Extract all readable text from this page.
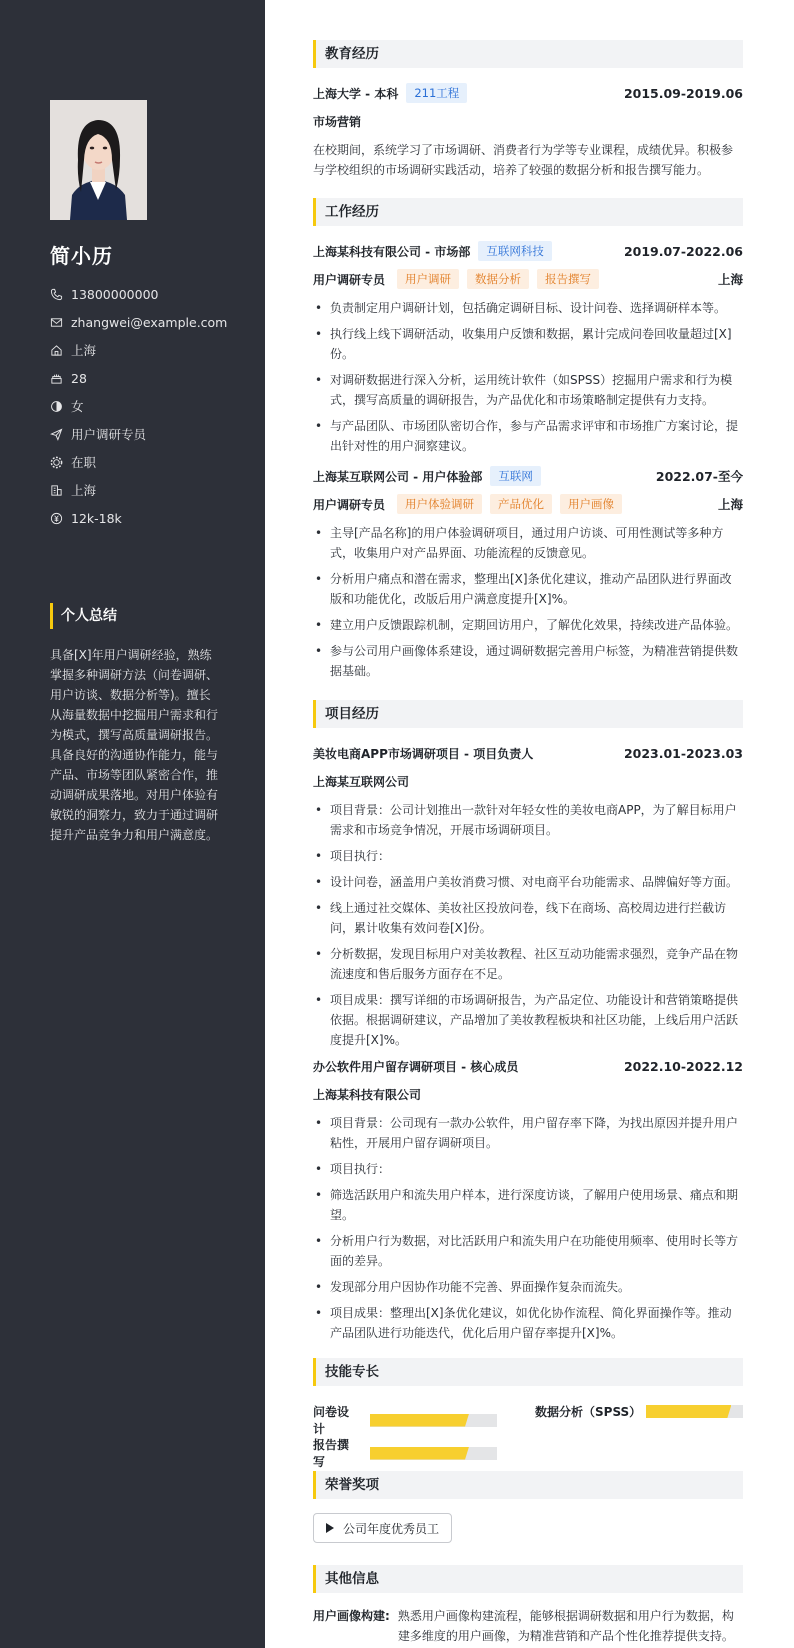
简小历
13800000000
zhangwei@example.com
上海
28
女
用户调研专员
在职
上海
12k-18k
个人总结
具备[X]年用户调研经验，熟练掌握多种调研方法（问卷调研、用户访谈、数据分析等)。擅长从海量数据中挖掘用户需求和行为模式，撰写高质量调研报告。具备良好的沟通协作能力，能与产品、市场等团队紧密合作，推动调研成果落地。对用户体验有敏锐的洞察力，致力于通过调研提升产品竞争力和用户满意度。
教育经历
上海大学 - 本科	211工程	2015.09-2019.06
市场营销
在校期间，系统学习了市场调研、消费者行为学等专业课程，成绩优异。积极参与学校组织的市场调研实践活动，培养了较强的数据分析和报告撰写能力。
工作经历
上海某科技有限公司 - 市场部	互联网科技	2019.07-2022.06
用户调研专员	用户调研	数据分析	报告撰写	上海
• 负责制定用户调研计划，包括确定调研目标、设计问卷、选择调研样本等。
• 执行线上线下调研活动，收集用户反馈和数据，累计完成问卷回收量超过[X]份。
• 对调研数据进行深入分析，运用统计软件（如SPSS）挖掘用户需求和行为模式，撰写高质量的调研报告，为产品优化和市场策略制定提供有力支持。
• 与产品团队、市场团队密切合作，参与产品需求评审和市场推广方案讨论，提出针对性的用户洞察建议。
上海某互联网公司 - 用户体验部	互联网	2022.07-至今
用户调研专员	用户体验调研	产品优化	用户画像	上海
• 主导[产品名称]的用户体验调研项目，通过用户访谈、可用性测试等多种方式，收集用户对产品界面、功能流程的反馈意见。
• 分析用户痛点和潜在需求，整理出[X]条优化建议，推动产品团队进行界面改版和功能优化，改版后用户满意度提升[X]%。
• 建立用户反馈跟踪机制，定期回访用户，了解优化效果，持续改进产品体验。
• 参与公司用户画像体系建设，通过调研数据完善用户标签，为精准营销提供数据基础。
项目经历
美妆电商APP市场调研项目 - 项目负责人	2023.01-2023.03
上海某互联网公司
• 项目背景：公司计划推出一款针对年轻女性的美妆电商APP，为了解目标用户需求和市场竞争情况，开展市场调研项目。
• 项目执行：
• 设计问卷，涵盖用户美妆消费习惯、对电商平台功能需求、品牌偏好等方面。
• 线上通过社交媒体、美妆社区投放问卷，线下在商场、高校周边进行拦截访问，累计收集有效问卷[X]份。
• 分析数据，发现目标用户对美妆教程、社区互动功能需求强烈，竞争产品在物流速度和售后服务方面存在不足。
• 项目成果：撰写详细的市场调研报告，为产品定位、功能设计和营销策略提供依据。根据调研建议，产品增加了美妆教程板块和社区功能，上线后用户活跃度提升[X]%。
办公软件用户留存调研项目 - 核心成员	2022.10-2022.12
上海某科技有限公司
• 项目背景：公司现有一款办公软件，用户留存率下降，为找出原因并提升用户粘性，开展用户留存调研项目。
• 项目执行：
• 筛选活跃用户和流失用户样本，进行深度访谈，了解用户使用场景、痛点和期望。
• 分析用户行为数据，对比活跃用户和流失用户在功能使用频率、使用时长等方面的差异。
• 发现部分用户因协作功能不完善、界面操作复杂而流失。
• 项目成果：整理出[X]条优化建议，如优化协作流程、简化界面操作等。推动产品团队进行功能迭代，优化后用户留存率提升[X]%。
技能专长
问卷设计
数据分析（SPSS）
报告撰写
荣誉奖项
公司年度优秀员工
其他信息
用户画像构建: 熟悉用户画像构建流程，能够根据调研数据和用户行为数据，构建多维度的用户画像，为精准营销和产品个性化推荐提供支持。
